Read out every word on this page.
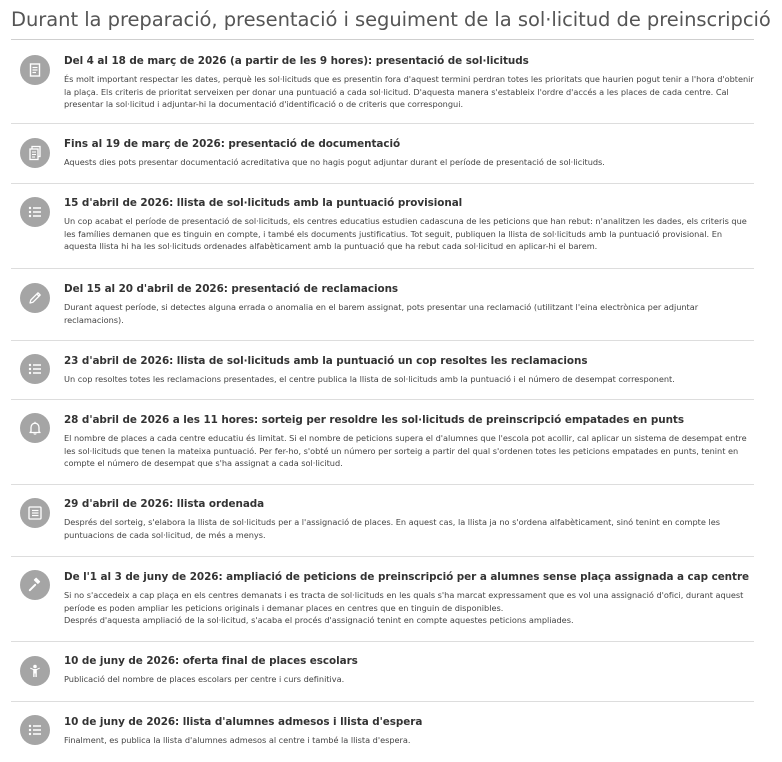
Durant la preparació, presentació i seguiment de la sol·licitud de preinscripció

Del 4 al 18 de març de 2026 (a partir de les 9 hores): presentació de sol·licituds

És molt important respectar les dates, perquè les sol·licituds que es presentin fora d'aquest termini perdran totes les prioritats que haurien pogut tenir a l'hora d'obtenir la plaça. Els criteris de prioritat serveixen per donar una puntuació a cada sol·licitud. D'aquesta manera s'estableix l'ordre d'accés a les places de cada centre. Cal presentar la sol·licitud i adjuntar-hi la documentació d'identificació o de criteris que correspongui.

Fins al 19 de març de 2026: presentació de documentació

Aquests dies pots presentar documentació acreditativa que no hagis pogut adjuntar durant el període de presentació de sol·licituds.

15 d'abril de 2026: llista de sol·licituds amb la puntuació provisional

Un cop acabat el període de presentació de sol·licituds, els centres educatius estudien cadascuna de les peticions que han rebut: n'analitzen les dades, els criteris que les famílies demanen que es tinguin en compte, i també els documents justificatius. Tot seguit, publiquen la llista de sol·licituds amb la puntuació provisional. En aquesta llista hi ha les sol·licituds ordenades alfabèticament amb la puntuació que ha rebut cada sol·licitud en aplicar-hi el barem.

Del 15 al 20 d'abril de 2026: presentació de reclamacions

Durant aquest període, si detectes alguna errada o anomalia en el barem assignat, pots presentar una reclamació (utilitzant l'eina electrònica per adjuntar reclamacions).

23 d'abril de 2026: llista de sol·licituds amb la puntuació un cop resoltes les reclamacions

Un cop resoltes totes les reclamacions presentades, el centre publica la llista de sol·licituds amb la puntuació i el número de desempat corresponent.

28 d'abril de 2026 a les 11 hores: sorteig per resoldre les sol·licituds de preinscripció empatades en punts

El nombre de places a cada centre educatiu és limitat. Si el nombre de peticions supera el d'alumnes que l'escola pot acollir, cal aplicar un sistema de desempat entre les sol·licituds que tenen la mateixa puntuació. Per fer-ho, s'obté un número per sorteig a partir del qual s'ordenen totes les peticions empatades en punts, tenint en compte el número de desempat que s'ha assignat a cada sol·licitud.

29 d'abril de 2026: llista ordenada

Després del sorteig, s'elabora la llista de sol·licituds per a l'assignació de places. En aquest cas, la llista ja no s'ordena alfabèticament, sinó tenint en compte les puntuacions de cada sol·licitud, de més a menys.

De l'1 al 3 de juny de 2026: ampliació de peticions de preinscripció per a alumnes sense plaça assignada a cap centre

Si no s'accedeix a cap plaça en els centres demanats i es tracta de sol·licituds en les quals s'ha marcat expressament que es vol una assignació d'ofici, durant aquest període es poden ampliar les peticions originals i demanar places en centres que en tinguin de disponibles.

Després d'aquesta ampliació de la sol·licitud, s'acaba el procés d'assignació tenint en compte aquestes peticions ampliades.

10 de juny de 2026: oferta final de places escolars

Publicació del nombre de places escolars per centre i curs definitiva.

10 de juny de 2026: llista d'alumnes admesos i llista d'espera

Finalment, es publica la llista d'alumnes admesos al centre i també la llista d'espera.
